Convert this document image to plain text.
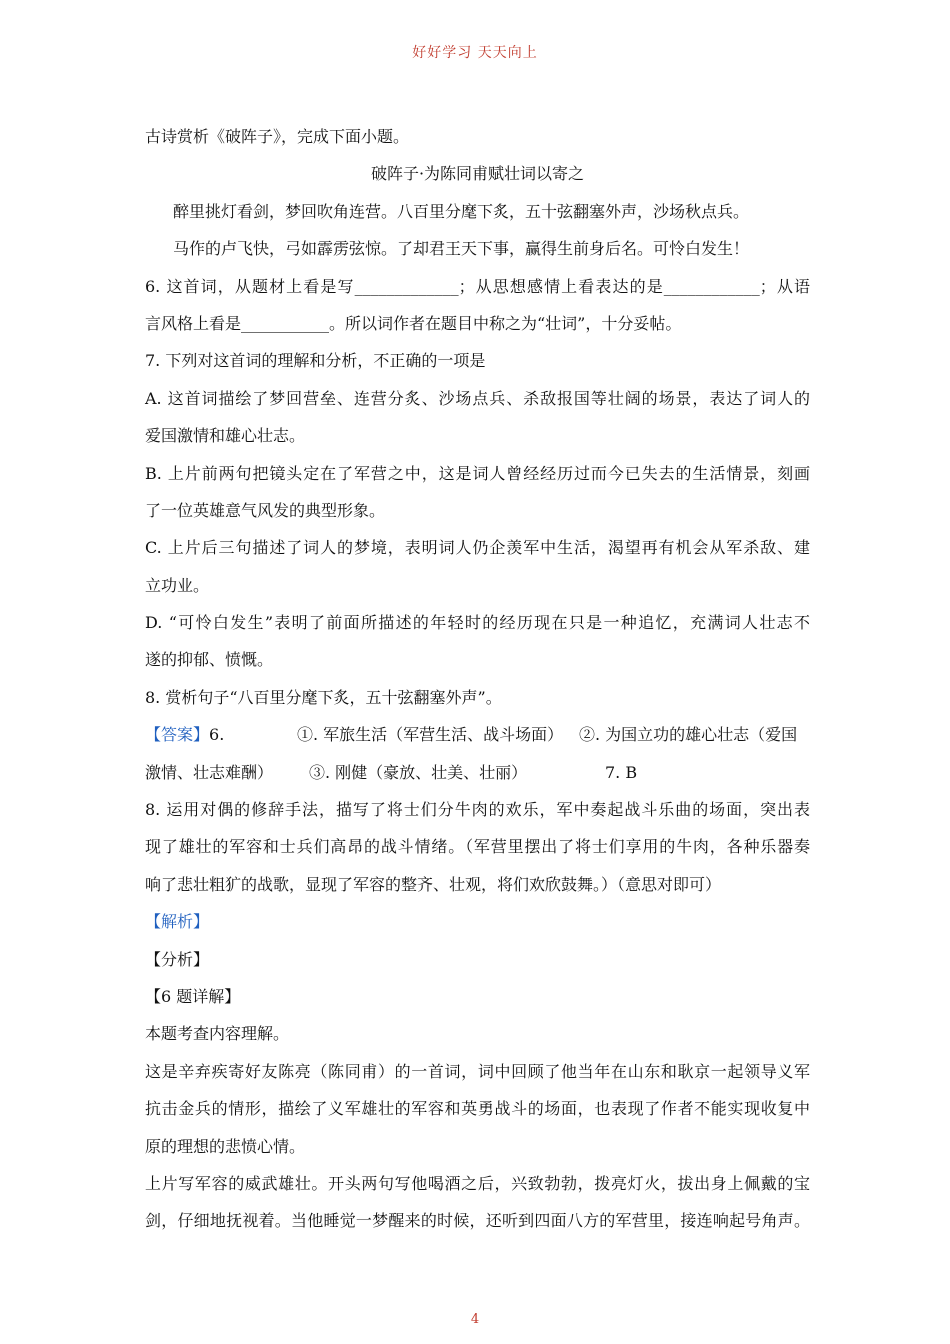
好好学习 天天向上
古诗赏析《破阵子》，完成下面小题。
破阵子·为陈同甫赋壮词以寄之
醉里挑灯看剑，梦回吹角连营。八百里分麾下炙，五十弦翻塞外声，沙场秋点兵。
马作的卢飞快，弓如霹雳弦惊。了却君王天下事，赢得生前身后名。可怜白发生！
6. 这首词，从题材上看是写_____________；从思想感情上看表达的是____________；从语
言风格上看是___________。所以词作者在题目中称之为“壮词”，十分妥帖。
7. 下列对这首词的理解和分析，不正确的一项是
A. 这首词描绘了梦回营垒、连营分炙、沙场点兵、杀敌报国等壮阔的场景，表达了词人的
爱国激情和雄心壮志。
B. 上片前两句把镜头定在了军营之中，这是词人曾经经历过而今已失去的生活情景，刻画
了一位英雄意气风发的典型形象。
C. 上片后三句描述了词人的梦境，表明词人仍企羡军中生活，渴望再有机会从军杀敌、建
立功业。
D. “可怜白发生”表明了前面所描述的年轻时的经历现在只是一种追忆，充满词人壮志不
遂的抑郁、愤慨。
8. 赏析句子“八百里分麾下炙，五十弦翻塞外声”。
【答案】6.	①. 军旅生活（军营生活、战斗场面） ②. 为国立功的雄心壮志（爱国
激情、壮志难酬） ③. 刚健（豪放、壮美、壮丽）	7. B
8. 运用对偶的修辞手法，描写了将士们分牛肉的欢乐，军中奏起战斗乐曲的场面，突出表
现了雄壮的军容和士兵们高昂的战斗情绪。（军营里摆出了将士们享用的牛肉，各种乐器奏
响了悲壮粗犷的战歌，显现了军容的整齐、壮观，将们欢欣鼓舞。）（意思对即可）
【解析】
【分析】
【6 题详解】
本题考查内容理解。
这是辛弃疾寄好友陈亮（陈同甫）的一首词，词中回顾了他当年在山东和耿京一起领导义军
抗击金兵的情形，描绘了义军雄壮的军容和英勇战斗的场面，也表现了作者不能实现收复中
原的理想的悲愤心情。
上片写军容的威武雄壮。开头两句写他喝酒之后，兴致勃勃，拨亮灯火，拔出身上佩戴的宝
剑，仔细地抚视着。当他睡觉一梦醒来的时候，还听到四面八方的军营里，接连响起号角声。
4
